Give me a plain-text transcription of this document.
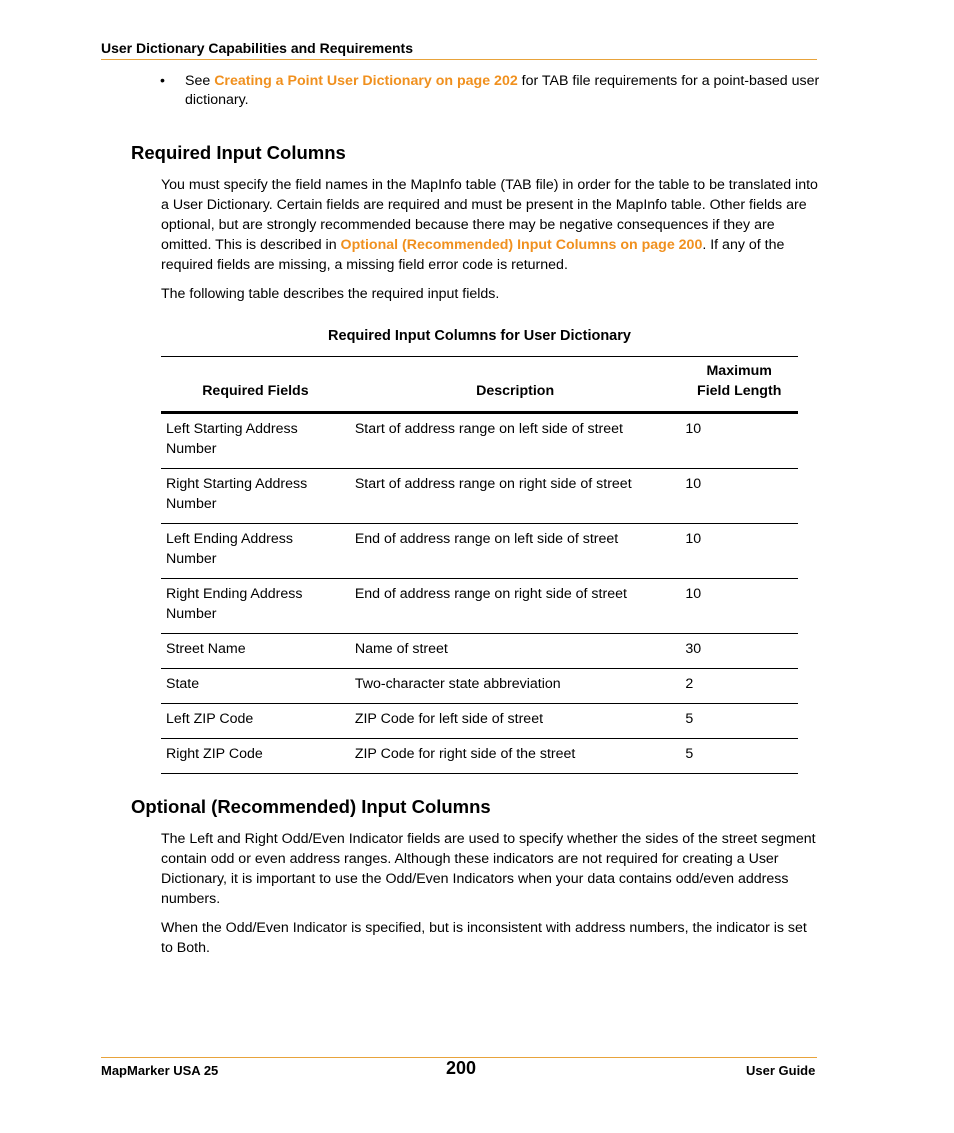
User Dictionary Capabilities and Requirements
• See Creating a Point User Dictionary on page 202 for TAB file requirements for a point-based user dictionary.
Required Input Columns

You must specify the field names in the MapInfo table (TAB file) in order for the table to be translated into a User Dictionary. Certain fields are required and must be present in the MapInfo table. Other fields are optional, but are strongly recommended because there may be negative consequences if they are omitted. This is described in Optional (Recommended) Input Columns on page 200. If any of the required fields are missing, a missing field error code is returned.

The following table describes the required input fields.

Required Input Columns for User Dictionary
Required Fields	Description	Maximum
Field Length
Left Starting Address Number	Start of address range on left side of street	10
Right Starting Address Number	Start of address range on right side of street	10
Left Ending Address Number	End of address range on left side of street	10
Right Ending Address Number	End of address range on right side of street	10
Street Name	Name of street	30
State	Two-character state abbreviation	2
Left ZIP Code	ZIP Code for left side of street	5
Right ZIP Code	ZIP Code for right side of the street	5
Optional (Recommended) Input Columns

The Left and Right Odd/Even Indicator fields are used to specify whether the sides of the street segment contain odd or even address ranges. Although these indicators are not required for creating a User Dictionary, it is important to use the Odd/Even Indicators when your data contains odd/even address numbers.

When the Odd/Even Indicator is specified, but is inconsistent with address numbers, the indicator is set to Both.

MapMarker USA 25	200	User Guide
